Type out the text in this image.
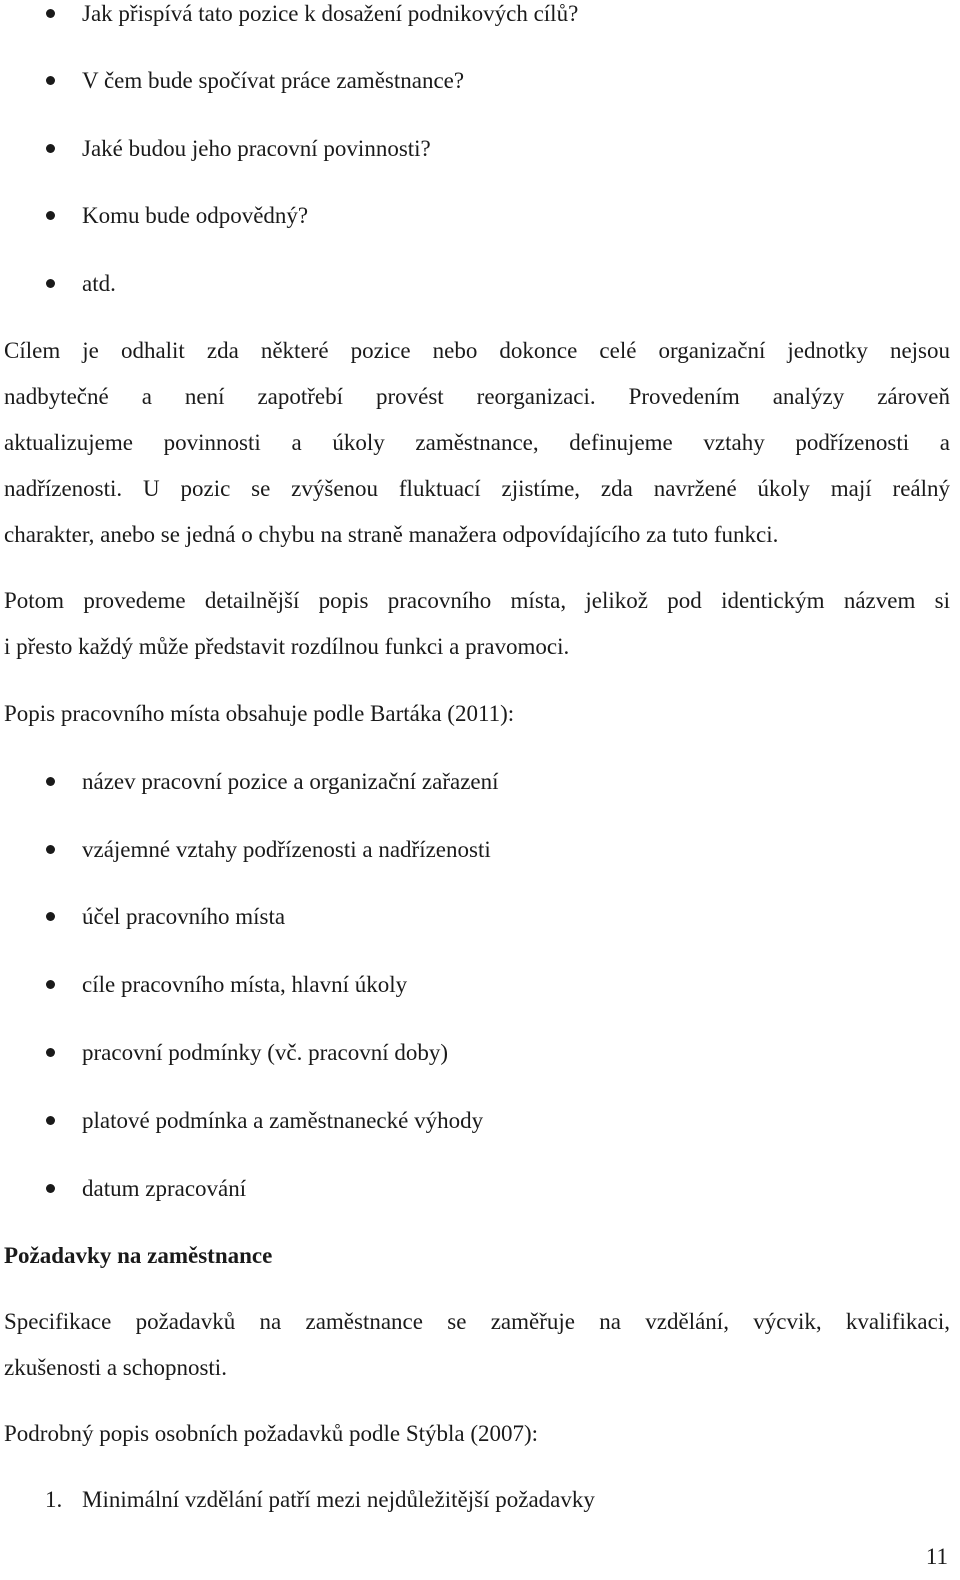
Jak přispívá tato pozice k dosažení podnikových cílů?
V čem bude spočívat práce zaměstnance?
Jaké budou jeho pracovní povinnosti?
Komu bude odpovědný?
atd.
Cílem je odhalit zda některé pozice nebo dokonce celé organizační jednotky nejsou
nadbytečné a není zapotřebí provést reorganizaci. Provedením analýzy zároveň
aktualizujeme povinnosti a úkoly zaměstnance, definujeme vztahy podřízenosti a
nadřízenosti. U pozic se zvýšenou fluktuací zjistíme, zda navržené úkoly mají reálný
charakter, anebo se jedná o chybu na straně manažera odpovídajícího za tuto funkci.
Potom provedeme detailnější popis pracovního místa, jelikož pod identickým názvem si
i přesto každý může představit rozdílnou funkci a pravomoci.
Popis pracovního místa obsahuje podle Bartáka (2011):
název pracovní pozice a organizační zařazení
vzájemné vztahy podřízenosti a nadřízenosti
účel pracovního místa
cíle pracovního místa, hlavní úkoly
pracovní podmínky (vč. pracovní doby)
platové podmínka a zaměstnanecké výhody
datum zpracování
Požadavky na zaměstnance
Specifikace požadavků na zaměstnance se zaměřuje na vzdělání, výcvik, kvalifikaci,
zkušenosti a schopnosti.
Podrobný popis osobních požadavků podle Stýbla (2007):
1. Minimální vzdělání patří mezi nejdůležitější požadavky
11
